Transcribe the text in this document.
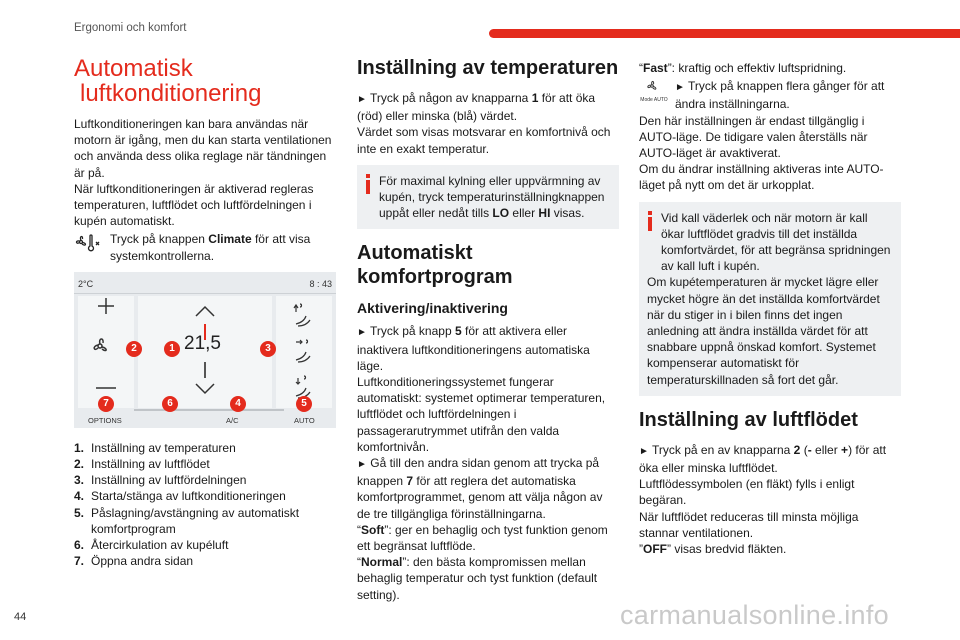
Ergonomi och komfort
Automatisk
luftkonditionering

Luftkonditioneringen kan bara användas när motorn är igång, men du kan starta ventilationen och använda dess olika reglage när tändningen är på.

När luftkonditioneringen är aktiverad regleras temperaturen, luftflödet och luftfördelningen i kupén automatiskt.

Tryck på knappen Climate för att visa systemkontrollerna.
2°C	8 : 43
21,5
OPTIONS	A/C	AUTO
1
2	3
4	5
6
7
1. Inställning av temperaturen
2. Inställning av luftflödet
3. Inställning av luftfördelningen
4. Starta/stänga av luftkonditioneringen
5. Påslagning/avstängning av automatiskt komfortprogram
6. Återcirkulation av kupéluft
7. Öppna andra sidan
Inställning av temperaturen

► Tryck på någon av knapparna 1 för att öka (röd) eller minska (blå) värdet.

Värdet som visas motsvarar en komfortnivå och inte en exakt temperatur.

För maximal kylning eller uppvärmning av kupén, tryck temperaturinställningknappen uppåt eller nedåt tills LO eller HI visas.

Automatiskt komfortprogram
Aktivering/inaktivering

► Tryck på knapp 5 för att aktivera eller inaktivera luftkonditioneringens automatiska läge.

Luftkonditioneringssystemet fungerar automatiskt: systemet optimerar temperaturen, luftflödet och luftfördelningen i passagerarutrymmet utifrån den valda komfortnivån.

► Gå till den andra sidan genom att trycka på knappen 7 för att reglera det automatiska komfortprogrammet, genom att välja någon av de tre tillgängliga förinställningarna.

“Soft”: ger en behaglig och tyst funktion genom ett begränsat luftflöde.

“Normal”: den bästa kompromissen mellan behaglig temperatur och tyst funktion (default setting).

“Fast”: kraftig och effektiv luftspridning.

Mode AUTO
► Tryck på knappen flera gånger för att ändra inställningarna.

Den här inställningen är endast tillgänglig i AUTO-läge. De tidigare valen återställs när AUTO-läget är avaktiverat.

Om du ändrar inställning aktiveras inte AUTO-läget på nytt om det är urkopplat.

Vid kall väderlek och när motorn är kall ökar luftflödet gradvis till det inställda komfortvärdet, för att begränsa spridningen av kall luft i kupén.

Om kupétemperaturen är mycket lägre eller mycket högre än det inställda komfortvärdet när du stiger in i bilen finns det ingen anledning att ändra inställda värdet för att snabbare uppnå önskad komfort. Systemet kompenserar automatiskt för temperaturskillnaden så fort det går.

Inställning av luftflödet

► Tryck på en av knapparna 2 (- eller +) för att öka eller minska luftflödet.

Luftflödessymbolen (en fläkt) fylls i enligt begäran.

När luftflödet reduceras till minsta möjliga stannar ventilationen.

”OFF” visas bredvid fläkten.

44	carmanualsonline.info
